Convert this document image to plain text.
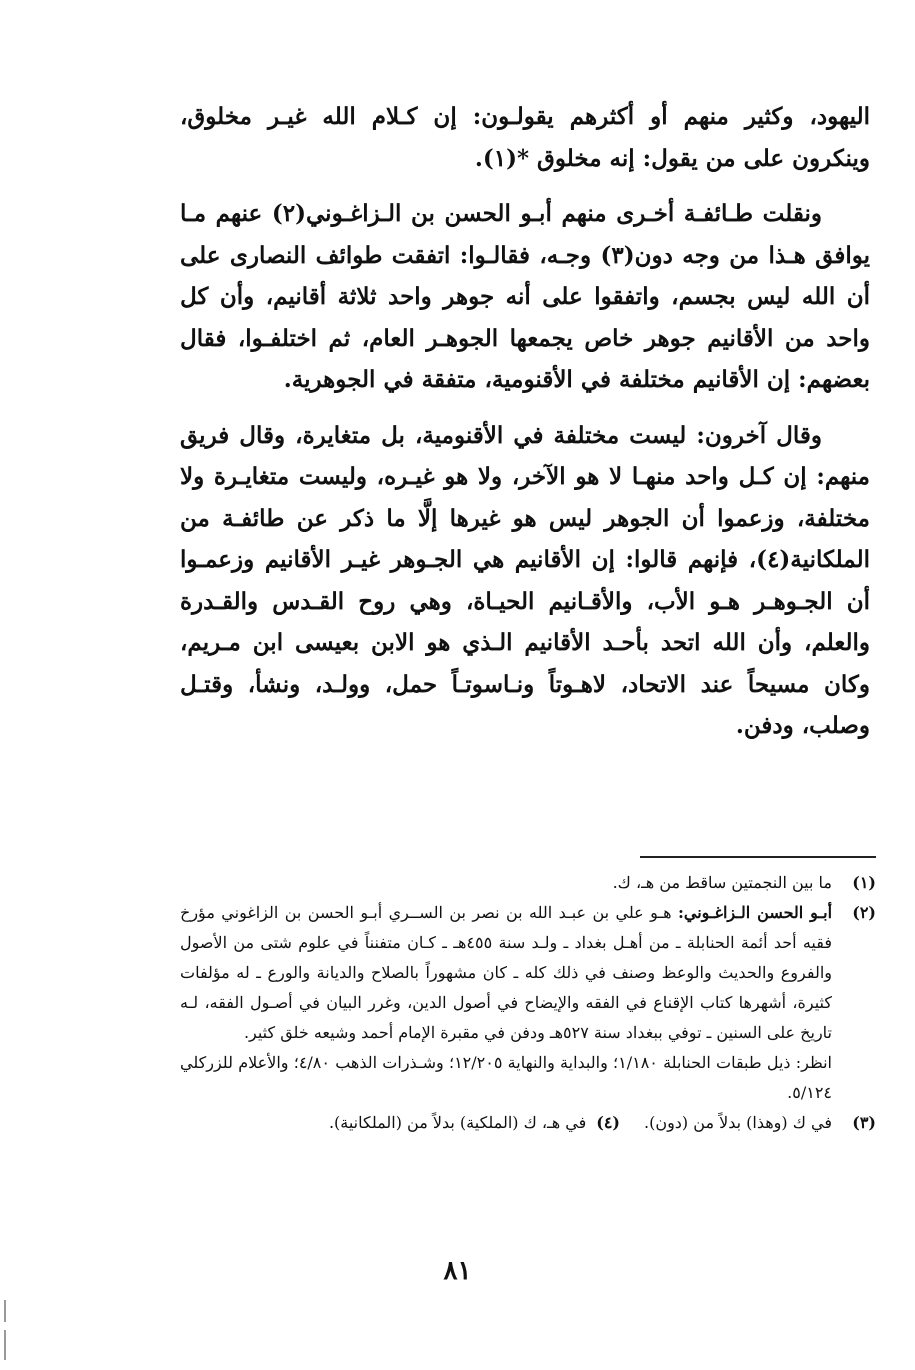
اليهود، وكثير منهم أو أكثرهم يقولـون: إن كـلام الله غيـر مخلوق، وينكرون على من يقول: إنه مخلوق *(١).

ونقلت طـائفـة أخـرى منهم أبـو الحسن بن الـزاغـوني(٢) عنهم مـا يوافق هـذا من وجه دون(٣) وجـه، فقالـوا: اتفقت طوائف النصارى على أن الله ليس بجسم، واتفقوا على أنه جوهر واحد ثلاثة أقانيم، وأن كل واحد من الأقانيم جوهر خاص يجمعها الجوهـر العام، ثم اختلفـوا، فقال بعضهم: إن الأقانيم مختلفة في الأقنومية، متفقة في الجوهرية.

وقال آخرون: ليست مختلفة في الأقنومية، بل متغايرة، وقال فريق منهم: إن كـل واحد منهـا لا هو الآخر، ولا هو غيـره، وليست متغايـرة ولا مختلفة، وزعموا أن الجوهر ليس هو غيرها إلَّا ما ذكر عن طائفـة من الملكانية(٤)، فإنهم قالوا: إن الأقانيم هي الجـوهر غيـر الأقانيم وزعمـوا أن الجـوهـر هـو الأب، والأقـانيم الحيـاة، وهي روح القـدس والقـدرة والعلم، وأن الله اتحد بأحـد الأقانيم الـذي هو الابن بعيسى ابن مـريم، وكان مسيحاً عند الاتحاد، لاهـوتاً ونـاسوتـاً حمل، وولـد، ونشأ، وقتـل وصلب، ودفن.

(١)
ما بين النجمتين ساقط من هـ، ك.
(٢)
أبـو الحسن الـزاغـوني: هـو علي بن عبـد الله بن نصر بن الســري أبـو الحسن بن الزاغوني مؤرخ فقيه أحد أئمة الحنابلة ـ من أهـل بغداد ـ ولـد سنة ٤٥٥هـ ـ كـان متفنناً في علوم شتى من الأصول والفروع والحديث والوعظ وصنف في ذلك كله ـ كان مشهوراً بالصلاح والديانة والورع ـ له مؤلفات كثيرة، أشهرها كتاب الإقناع في الفقه والإيضاح في أصول الدين، وغرر البيان في أصـول الفقه، لـه تاريخ على السنين ـ توفي ببغداد سنة ٥٢٧هـ ودفن في مقبرة الإمام أحمد وشيعه خلق كثير.
انظر: ذيل طبقات الحنابلة ١/١٨٠؛ والبداية والنهاية ١٢/٢٠٥؛ وشـذرات الذهب ٤/٨٠؛ والأعلام للزركلي ٥/١٢٤.
(٣)
في ك (وهذا) بدلاً من (دون).
(٤)في هـ، ك (الملكية) بدلاً من (الملكانية).
٨١
